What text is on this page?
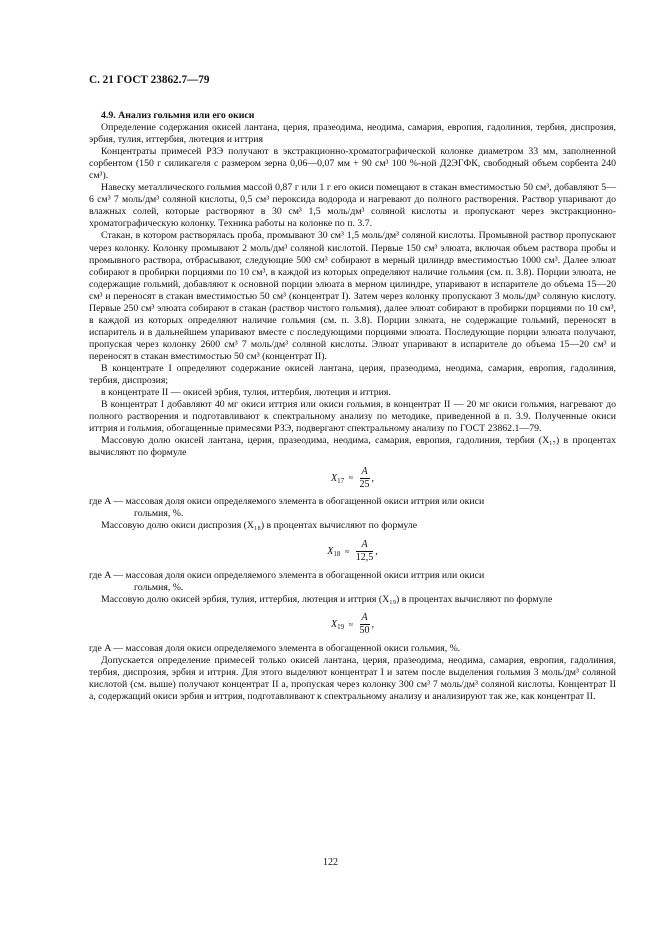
С. 21 ГОСТ 23862.7—79

4.9. Анализ гольмия или его окиси

Определение содержания окисей лантана, церия, празеодима, неодима, самария, европия, гадолиния, тербия, диспрозия, эрбия, тулия, иттербия, лютеция и иттрия

Концентраты примесей РЗЭ получают в экстракционно-хроматографической колонке диаметром 33 мм, заполненной сорбентом (150 г силикагеля с размером зерна 0,06—0,07 мм + 90 см³ 100 %-ной Д2ЭГФК, свободный объем сорбента 240 см³).

Навеску металлического гольмия массой 0,87 г или 1 г его окиси помещают в стакан вместимостью 50 см³, добавляют 5—6 см³ 7 моль/дм³ соляной кислоты, 0,5 см³ пероксида водорода и нагревают до полного растворения. Раствор упаривают до влажных солей, которые растворяют в 30 см³ 1,5 моль/дм³ соляной кислоты и пропускают через экстракционно-хроматографическую колонку. Техника работы на колонке по п. 3.7.

Стакан, в котором растворялась проба, промывают 30 см³ 1,5 моль/дм³ соляной кислоты. Промывной раствор пропускают через колонку. Колонку промывают 2 моль/дм³ соляной кислотой. Первые 150 см³ элюата, включая объем раствора пробы и промывного раствора, отбрасывают, следующие 500 см³ собирают в мерный цилиндр вместимостью 1000 см³. Далее элюат собирают в пробирки порциями по 10 см³, в каждой из которых определяют наличие гольмия (см. п. 3.8). Порции элюата, не содержащие гольмий, добавляют к основной порции элюата в мерном цилиндре, упаривают в испарителе до объема 15—20 см³ и переносят в стакан вместимостью 50 см³ (концентрат I). Затем через колонку пропускают 3 моль/дм³ соляную кислоту. Первые 250 см³ элюата собирают в стакан (раствор чистого гольмия), далее элюат собирают в пробирки порциями по 10 см³, в каждой из которых определяют наличие гольмия (см. п. 3.8). Порции элюата, не содержащие гольмий, переносят в испаритель и в дальнейшем упаривают вместе с последующими порциями элюата. Последующие порции элюата получают, пропуская через колонку 2600 см³ 7 моль/дм³ соляной кислоты. Элюат упаривают в испарителе до объема 15—20 см³ и переносят в стакан вместимостью 50 см³ (концентрат II).

В концентрате I определяют содержание окисей лантана, церия, празеодима, неодима, самария, европия, гадолиния, тербия, диспрозия;

в концентрате II — окисей эрбия, тулия, иттербия, лютеция и иттрия.

В концентрат I добавляют 40 мг окиси иттрия или окиси гольмия, в концентрат II — 20 мг окиси гольмия, нагревают до полного растворения и подготавливают к спектральному анализу по методике, приведенной в п. 3.9. Полученные окиси иттрия и гольмия, обогащенные примесями РЗЭ, подвергают спектральному анализу по ГОСТ 23862.1—79.

Массовую долю окисей лантана, церия, празеодима, неодима, самария, европия, гадолиния, тербия (X₁₇) в процентах вычисляют по формуле

$X_{17} \approx \frac{A}{25}$ ,

где A — массовая доля окиси определяемого элемента в обогащенной окиси иттрия или окиси
гольмия, %.

Массовую долю окиси диспрозия (X₁₈) в процентах вычисляют по формуле

$X_{18} \approx \frac{A}{12,5}$ ,

где A — массовая доля окиси определяемого элемента в обогащенной окиси иттрия или окиси
гольмия, %.

Массовую долю окисей эрбия, тулия, иттербия, лютеция и иттрия (X₁₉) в процентах вычисляют по формуле

$X_{19} \approx \frac{A}{50}$ ,

где A — массовая доля окиси определяемого элемента в обогащенной окиси гольмия, %.

Допускается определение примесей только окисей лантана, церия, празеодима, неодима, самария, европия, гадолиния, тербия, диспрозия, эрбия и иттрия. Для этого выделяют концентрат I и затем после выделения гольмия 3 моль/дм³ соляной кислотой (см. выше) получают концентрат II а, пропуская через колонку 300 см³ 7 моль/дм³ соляной кислоты. Концентрат II а, содержащий окиси эрбия и иттрия, подготавливают к спектральному анализу и анализируют так же, как концентрат II.

122
